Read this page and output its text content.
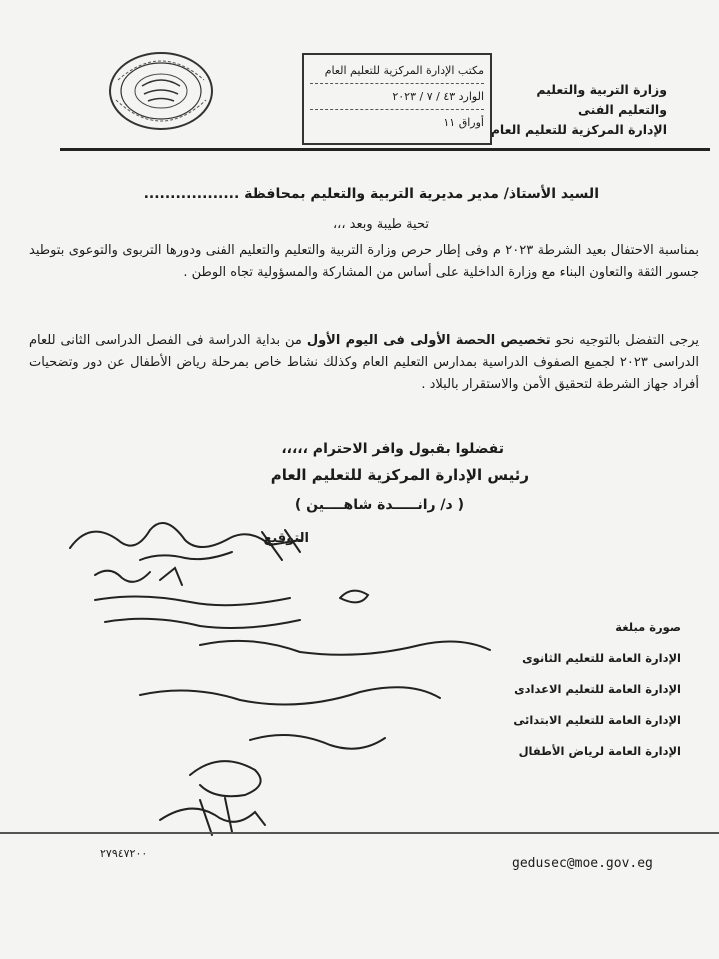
وزارة التربية والتعليم
والتعليم الفنى
الإدارة المركزية للتعليم العام
مكتب الإدارة المركزية للتعليم العام
الوارد ٤٣ / ٧ / ٢٠٢٣
أوراق ١١
السيد الأستاذ/ مدير مديرية التربية والتعليم بمحافظة ..................
تحية طيبة وبعد ،،،
بمناسبة الاحتفال بعيد الشرطة ٢٠٢٣ م وفى إطار حرص وزارة التربية والتعليم والتعليم الفنى ودورها التربوى والتوعوى بتوطيد جسور الثقة والتعاون البناء مع وزارة الداخلية على أساس من المشاركة والمسؤولية تجاه الوطن .
يرجى التفضل بالتوجيه نحو تخصيص الحصة الأولى فى اليوم الأول من بداية الدراسة فى الفصل الدراسى الثانى للعام الدراسى ٢٠٢٣ لجميع الصفوف الدراسية بمدارس التعليم العام وكذلك نشاط خاص بمرحلة رياض الأطفال عن دور وتضحيات أفراد جهاز الشرطة لتحقيق الأمن والاستقرار بالبلاد .
تفضلوا بقبول وافر الاحترام ،،،،،
رئيس الإدارة المركزية للتعليم العام
( د/ رانـــــدة شاهــــين )
التوقيع
صورة مبلغة
الإدارة العامة للتعليم الثانوى
الإدارة العامة للتعليم الاعدادى
الإدارة العامة للتعليم الابتدائى
الإدارة العامة لرياض الأطفال
٢٧٩٤٧٢٠٠
gedusec@moe.gov.eg
